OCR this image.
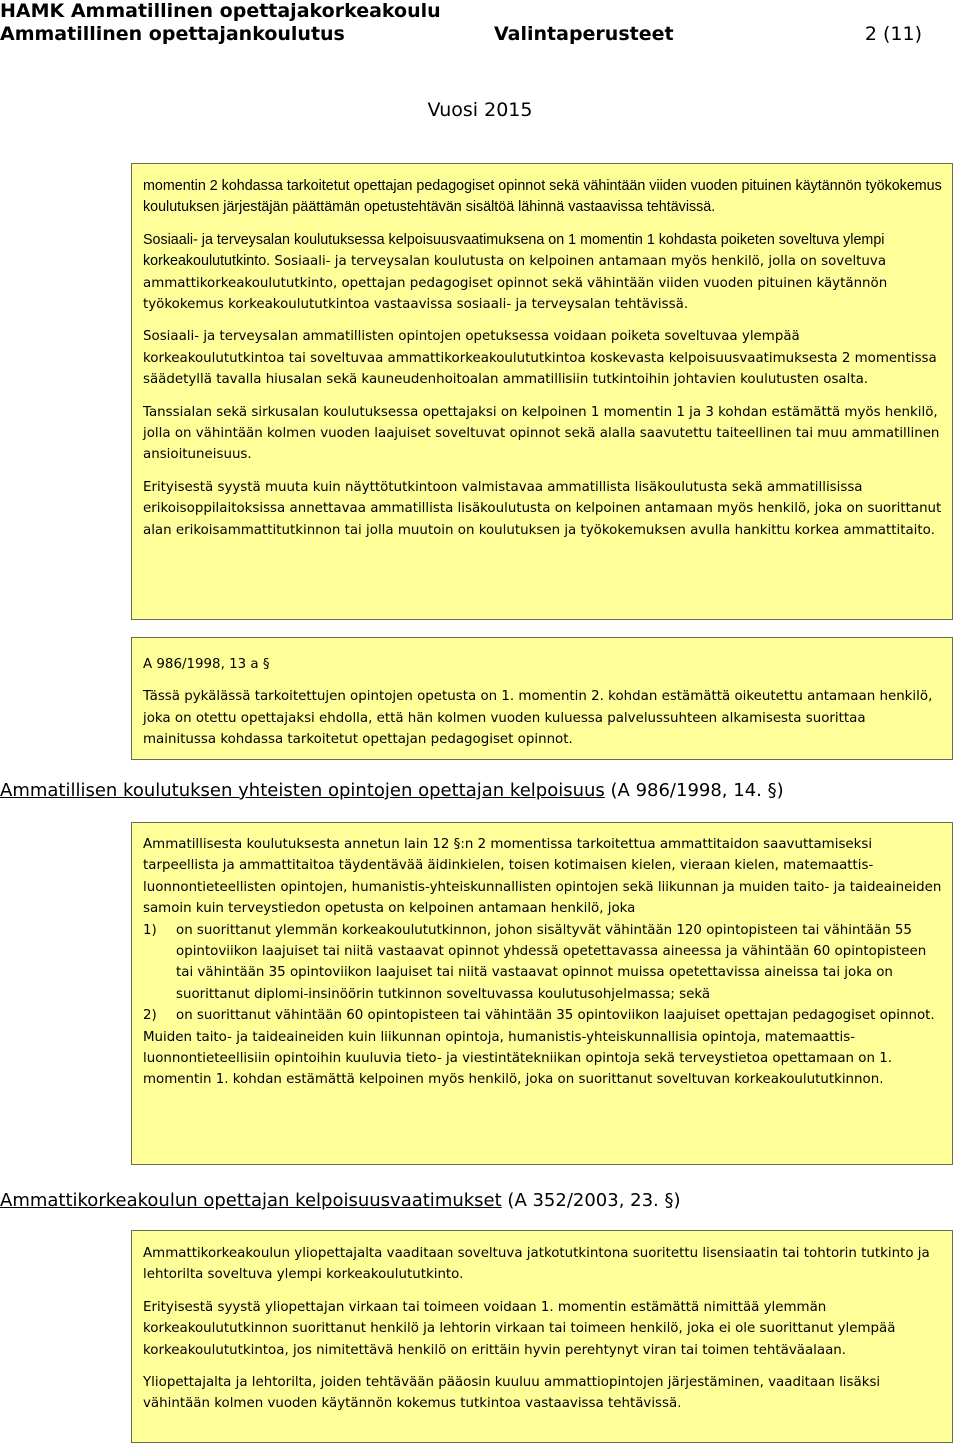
HAMK Ammatillinen opettajakorkeakoulu
Ammatillinen opettajankoulutus	Valintaperusteet	2 (11)
Vuosi 2015

momentin 2 kohdassa tarkoitetut opettajan pedagogiset opinnot sekä vähintään viiden vuoden pituinen käytännön työkokemus koulutuksen järjestäjän päättämän opetustehtävän sisältöä lähinnä vastaavissa tehtävissä.

Sosiaali- ja terveysalan koulutuksessa kelpoisuusvaatimuksena on 1 momentin 1 kohdasta poiketen soveltuva ylempi korkeakoulututkinto. Sosiaali- ja terveysalan koulutusta on kelpoinen antamaan myös henkilö, jolla on soveltuva ammattikorkeakoulututkinto, opettajan pedagogiset opinnot sekä vähintään viiden vuoden pituinen käytännön työkokemus korkeakoulututkintoa vastaavissa sosiaali- ja terveysalan tehtävissä.

Sosiaali- ja terveysalan ammatillisten opintojen opetuksessa voidaan poiketa soveltuvaa ylempää korkeakoulututkintoa tai soveltuvaa ammattikorkeakoulututkintoa koskevasta kelpoisuusvaatimuksesta 2 momentissa säädetyllä tavalla hiusalan sekä kauneudenhoitoalan ammatillisiin tutkintoihin johtavien koulutusten osalta.

Tanssialan sekä sirkusalan koulutuksessa opettajaksi on kelpoinen 1 momentin 1 ja 3 kohdan estämättä myös henkilö, jolla on vähintään kolmen vuoden laajuiset soveltuvat opinnot sekä alalla saavutettu taiteellinen tai muu ammatillinen ansioituneisuus.

Erityisestä syystä muuta kuin näyttötutkintoon valmistavaa ammatillista lisäkoulutusta sekä ammatillisissa erikoisoppilaitoksissa annettavaa ammatillista lisäkoulutusta on kelpoinen antamaan myös henkilö, joka on suorittanut alan erikoisammattitutkinnon tai jolla muutoin on koulutuksen ja työkokemuksen avulla hankittu korkea ammattitaito.

A 986/1998, 13 a §

Tässä pykälässä tarkoitettujen opintojen opetusta on 1. momentin 2. kohdan estämättä oikeutettu antamaan henkilö, joka on otettu opettajaksi ehdolla, että hän kolmen vuoden kuluessa palvelussuhteen alkamisesta suorittaa mainitussa kohdassa tarkoitetut opettajan pedagogiset opinnot.

Ammatillisen koulutuksen yhteisten opintojen opettajan kelpoisuus (A 986/1998, 14. §)

Ammatillisesta koulutuksesta annetun lain 12 §:n 2 momentissa tarkoitettua ammattitaidon saavuttamiseksi tarpeellista ja ammattitaitoa täydentävää äidinkielen, toisen kotimaisen kielen, vieraan kielen, matemaattis-luonnontieteellisten opintojen, humanistis-yhteiskunnallisten opintojen sekä liikunnan ja muiden taito- ja taideaineiden samoin kuin terveystiedon opetusta on kelpoinen antamaan henkilö, joka

1) on suorittanut ylemmän korkeakoulututkinnon, johon sisältyvät vähintään 120 opintopisteen tai vähintään 55 opintoviikon laajuiset tai niitä vastaavat opinnot yhdessä opetettavassa aineessa ja vähintään 60 opintopisteen tai vähintään 35 opintoviikon laajuiset tai niitä vastaavat opinnot muissa opetettavissa aineissa tai joka on suorittanut diplomi-insinöörin tutkinnon soveltuvassa koulutusohjelmassa; sekä
2) on suorittanut vähintään 60 opintopisteen tai vähintään 35 opintoviikon laajuiset opettajan pedagogiset opinnot.

Muiden taito- ja taideaineiden kuin liikunnan opintoja, humanistis-yhteiskunnallisia opintoja, matemaattis-luonnontieteellisiin opintoihin kuuluvia tieto- ja viestintätekniikan opintoja sekä terveystietoa opettamaan on 1. momentin 1. kohdan estämättä kelpoinen myös henkilö, joka on suorittanut soveltuvan korkeakoulututkinnon.

Ammattikorkeakoulun opettajan kelpoisuusvaatimukset (A 352/2003, 23. §)

Ammattikorkeakoulun yliopettajalta vaaditaan soveltuva jatkotutkintona suoritettu lisensiaatin tai tohtorin tutkinto ja lehtorilta soveltuva ylempi korkeakoulututkinto.

Erityisestä syystä yliopettajan virkaan tai toimeen voidaan 1. momentin estämättä nimittää ylemmän korkeakoulututkinnon suorittanut henkilö ja lehtorin virkaan tai toimeen henkilö, joka ei ole suorittanut ylempää korkeakoulututkintoa, jos nimitettävä henkilö on erittäin hyvin perehtynyt viran tai toimen tehtäväalaan.

Yliopettajalta ja lehtorilta, joiden tehtävään pääosin kuuluu ammattiopintojen järjestäminen, vaaditaan lisäksi vähintään kolmen vuoden käytännön kokemus tutkintoa vastaavissa tehtävissä.
